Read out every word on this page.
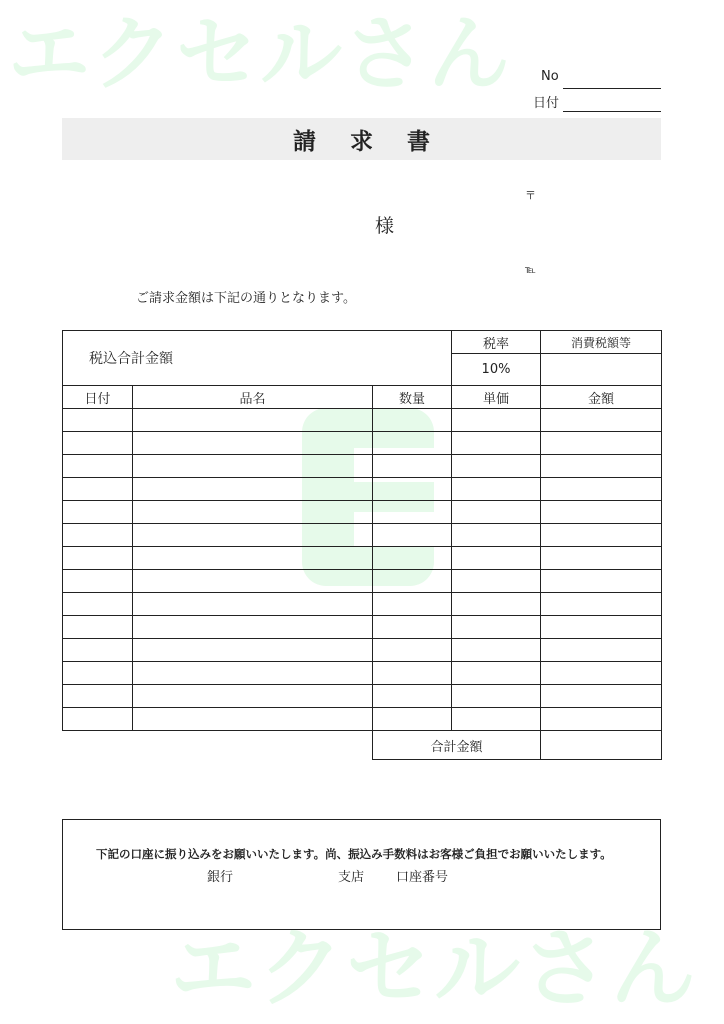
エクセルさん
エクセルさん
No
日付
請求書
様
〒
℡
ご請求金額は下記の通りとなります。
税込合計金額			税率	消費税額等
			10%	
日付	品名	数量	単価	金額

		合計金額		
下記の口座に振り込みをお願いいたします。尚、振込み手数料はお客様ご負担でお願いいたします。
銀行	支店 口座番号
